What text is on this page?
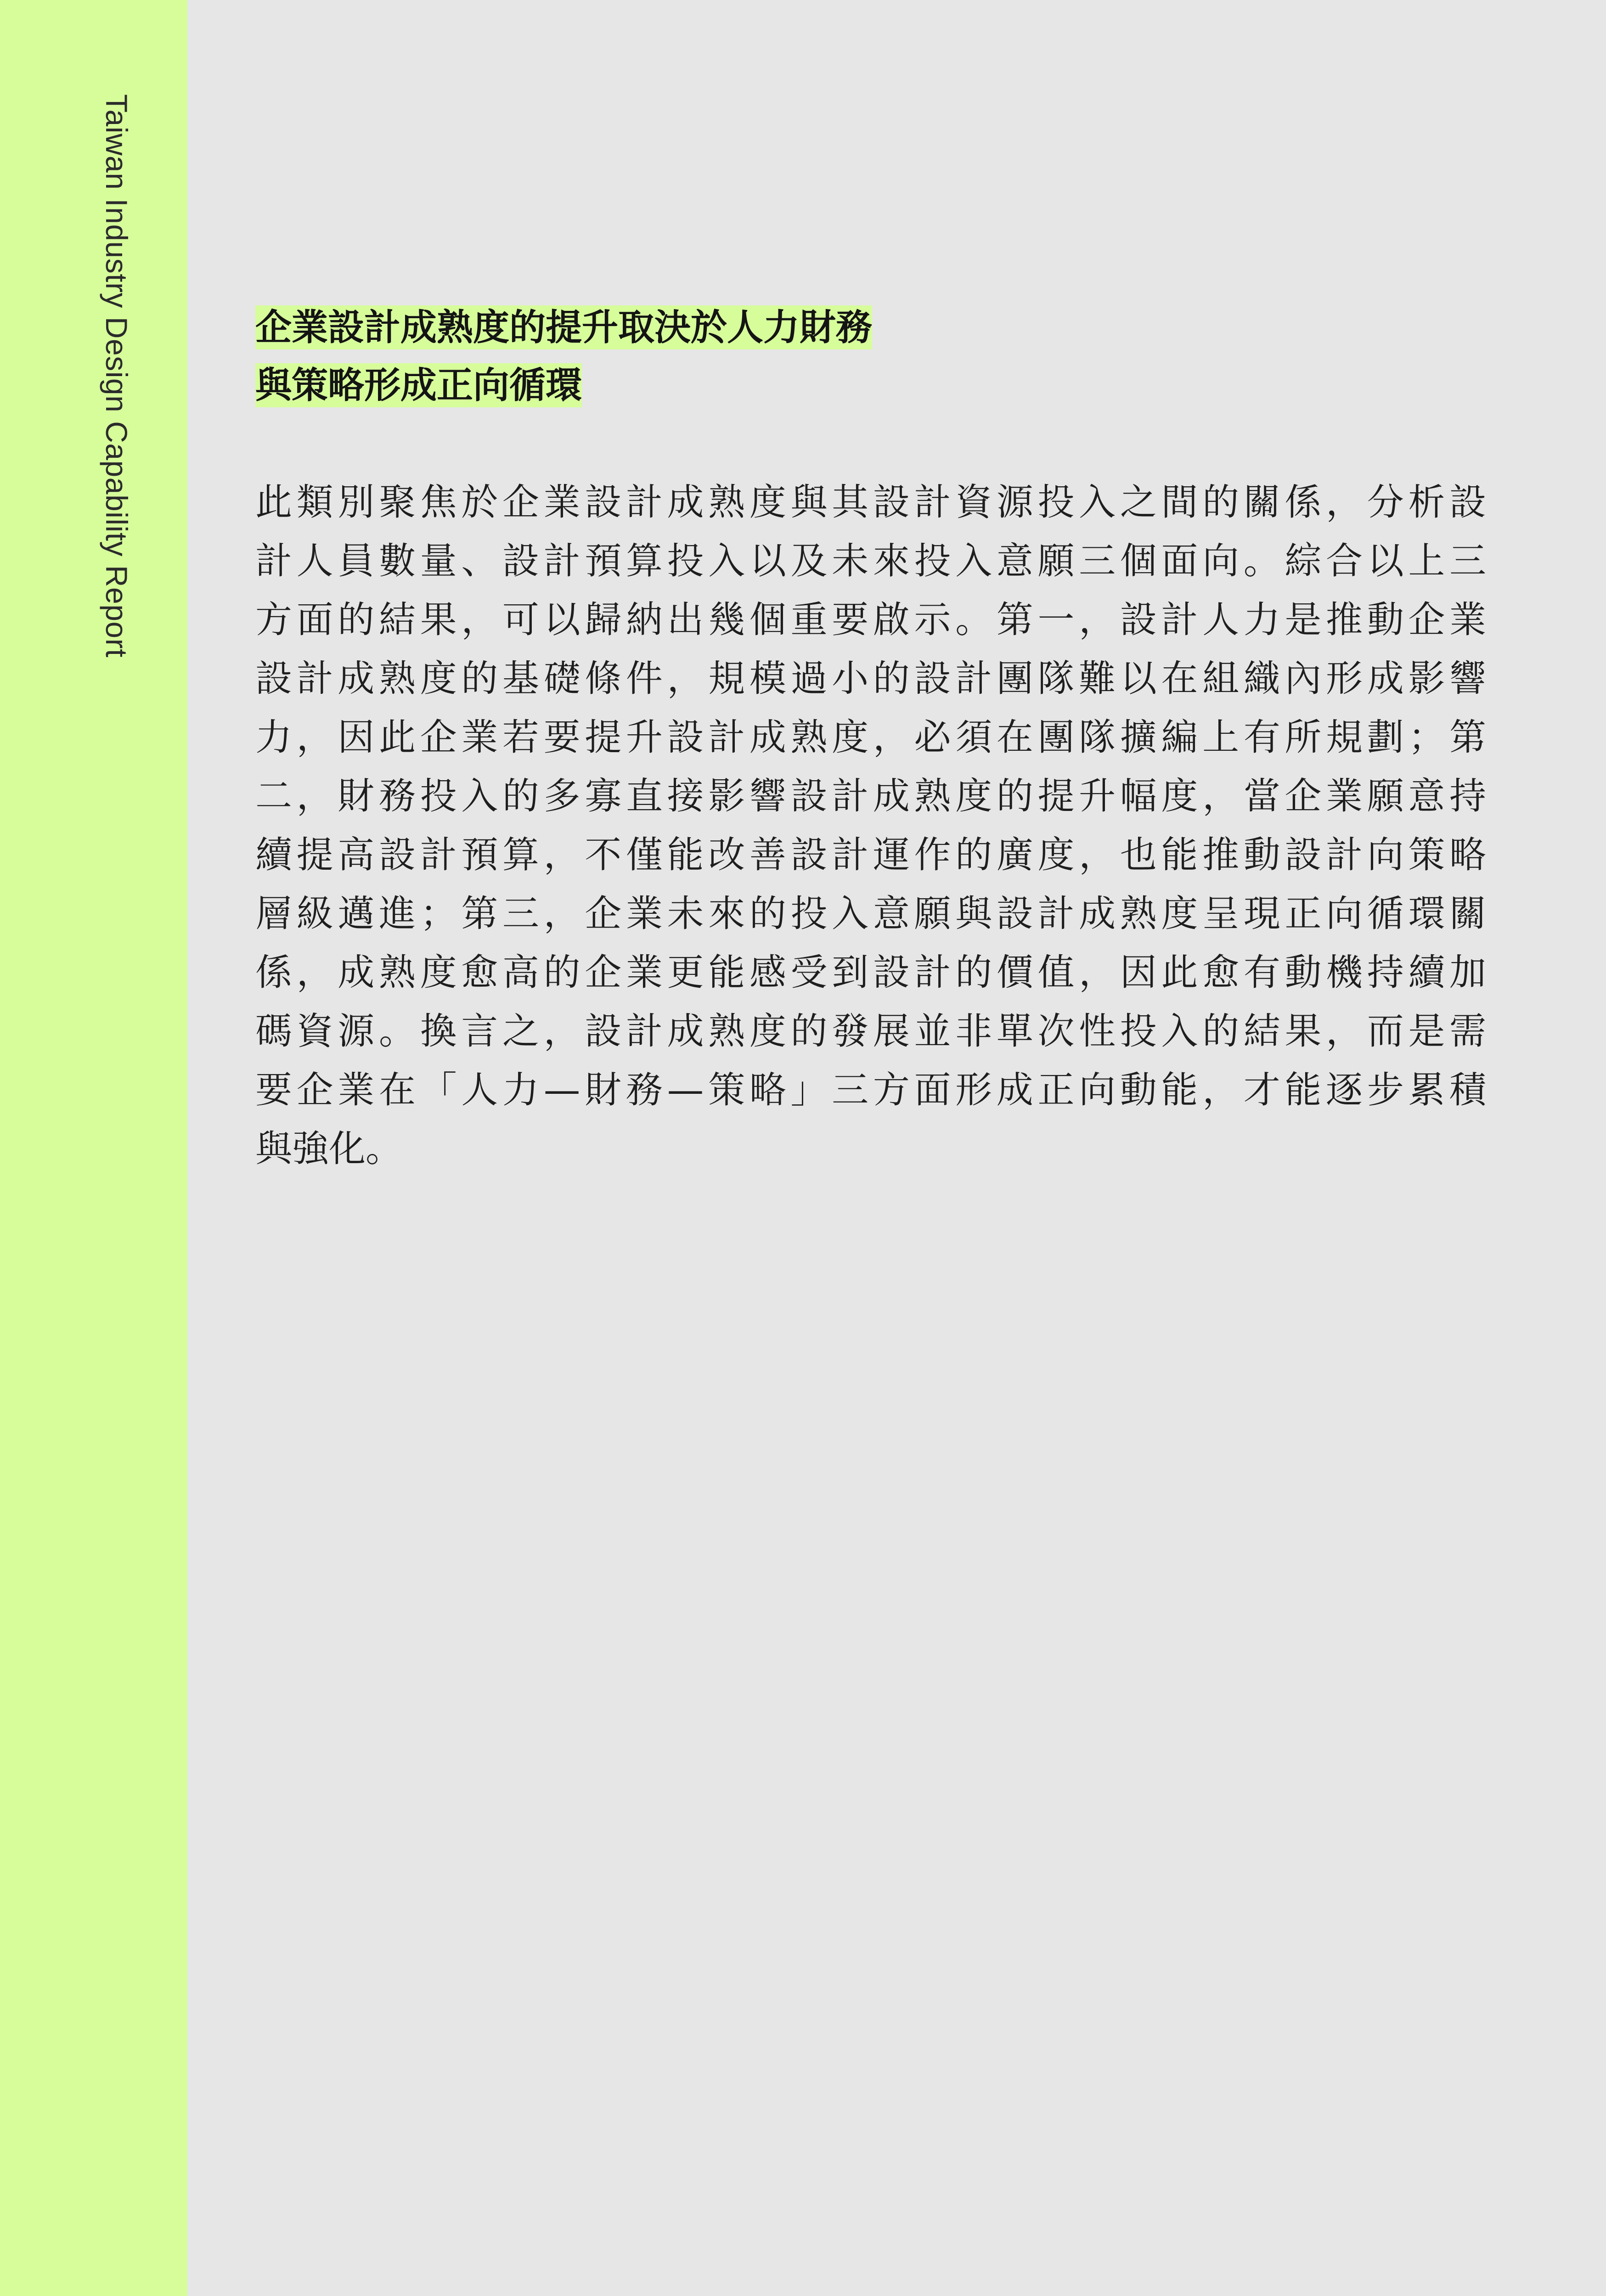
Taiwan Industry Design Capability Report	企業設計成熟度的提升取決於人力財務
與策略形成正向循環
此類別聚焦於企業設計成熟度與其設計資源投入之間的關係，分析設
計人員數量、設計預算投入以及未來投入意願三個面向。綜合以上三
方面的結果，可以歸納出幾個重要啟示。第一，設計人力是推動企業
設計成熟度的基礎條件，規模過小的設計團隊難以在組織內形成影響
力，因此企業若要提升設計成熟度，必須在團隊擴編上有所規劃；第
二，財務投入的多寡直接影響設計成熟度的提升幅度，當企業願意持
續提高設計預算，不僅能改善設計運作的廣度，也能推動設計向策略
層級邁進；第三，企業未來的投入意願與設計成熟度呈現正向循環關
係，成熟度愈高的企業更能感受到設計的價值，因此愈有動機持續加
碼資源。換言之，設計成熟度的發展並非單次性投入的結果，而是需
要企業在「人力—財務—策略」三方面形成正向動能，才能逐步累積
與強化。
